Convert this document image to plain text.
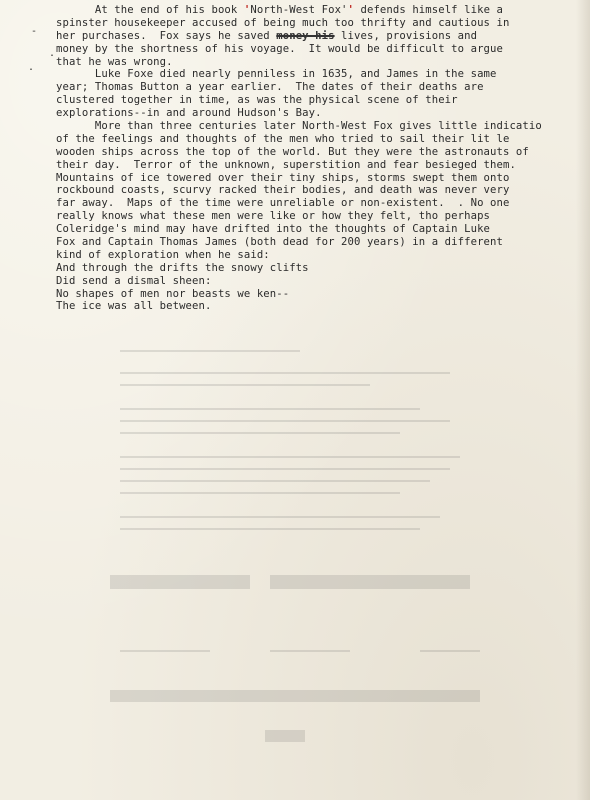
-
.
.
At the end of his book 'North-West Fox'' defends himself like a
spinster housekeeper accused of being much too thrifty and cautious in
her purchases.  Fox says he saved money his lives, provisions and
money by the shortness of his voyage.  It would be difficult to argue
that he was wrong.
Luke Foxe died nearly penniless in 1635, and James in the same
year; Thomas Button a year earlier.  The dates of their deaths are
clustered together in time, as was the physical scene of their
explorations--in and around Hudson's Bay.
More than three centuries later North-West Fox gives little indicatio
of the feelings and thoughts of the men who tried to sail their lit le
wooden ships across the top of the world. But they were the astronauts of
their day.  Terror of the unknown, superstition and fear besieged them.
Mountains of ice towered over their tiny ships, storms swept them onto
rockbound coasts, scurvy racked their bodies, and death was never very
far away.  Maps of the time were unreliable or non-existent.  . No one
really knows what these men were like or how they felt, tho perhaps
Coleridge's mind may have drifted into the thoughts of Captain Luke
Fox and Captain Thomas James (both dead for 200 years) in a different
kind of exploration when he said:
And through the drifts the snowy clifts
Did send a dismal sheen:
No shapes of men nor beasts we ken--
The ice was all between.
